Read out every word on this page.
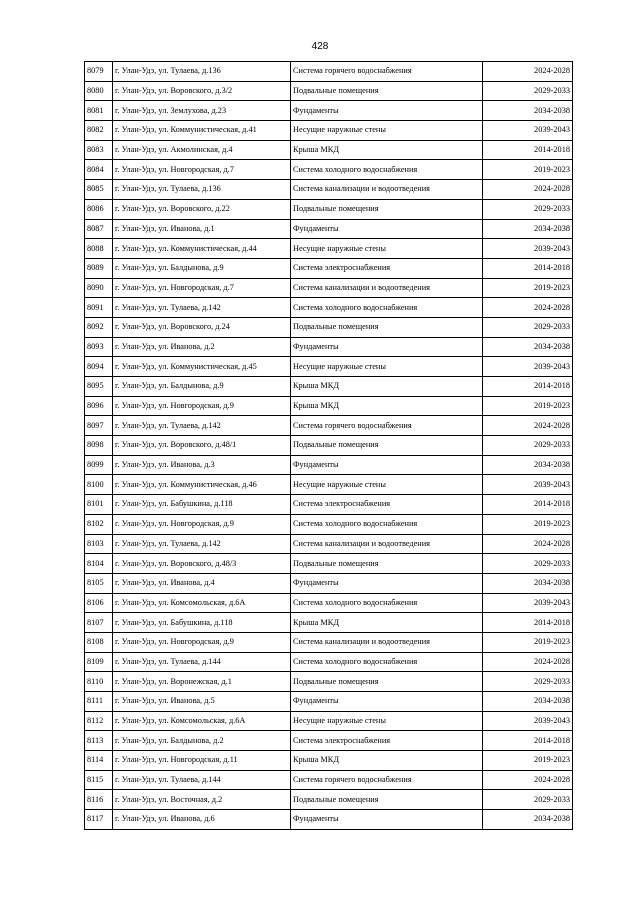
428
8079	г. Улан-Удэ, ул. Тулаева, д.136	Система горячего водоснабжения	2024-2028
8080	г. Улан-Удэ, ул. Воровского, д.3/2	Подвальные помещения	2029-2033
8081	г. Улан-Удэ, ул. Землухова, д.23	Фундаменты	2034-2038
8082	г. Улан-Удэ, ул. Коммунистическая, д.41	Несущие наружные стены	2039-2043
8083	г. Улан-Удэ, ул. Акмолинская, д.4	Крыша МКД	2014-2018
8084	г. Улан-Удэ, ул. Новгородская, д.7	Система холодного водоснабжения	2019-2023
8085	г. Улан-Удэ, ул. Тулаева, д.136	Система канализации и водоотведения	2024-2028
8086	г. Улан-Удэ, ул. Воровского, д.22	Подвальные помещения	2029-2033
8087	г. Улан-Удэ, ул. Иванова, д.1	Фундаменты	2034-2038
8088	г. Улан-Удэ, ул. Коммунистическая, д.44	Несущие наружные стены	2039-2043
8089	г. Улан-Удэ, ул. Балдынова, д.9	Система электроснабжения	2014-2018
8090	г. Улан-Удэ, ул. Новгородская, д.7	Система канализации и водоотведения	2019-2023
8091	г. Улан-Удэ, ул. Тулаева, д.142	Система холодного водоснабжения	2024-2028
8092	г. Улан-Удэ, ул. Воровского, д.24	Подвальные помещения	2029-2033
8093	г. Улан-Удэ, ул. Иванова, д.2	Фундаменты	2034-2038
8094	г. Улан-Удэ, ул. Коммунистическая, д.45	Несущие наружные стены	2039-2043
8095	г. Улан-Удэ, ул. Балдынова, д.9	Крыша МКД	2014-2018
8096	г. Улан-Удэ, ул. Новгородская, д.9	Крыша МКД	2019-2023
8097	г. Улан-Удэ, ул. Тулаева, д.142	Система горячего водоснабжения	2024-2028
8098	г. Улан-Удэ, ул. Воровского, д.48/1	Подвальные помещения	2029-2033
8099	г. Улан-Удэ, ул. Иванова, д.3	Фундаменты	2034-2038
8100	г. Улан-Удэ, ул. Коммунистическая, д.46	Несущие наружные стены	2039-2043
8101	г. Улан-Удэ, ул. Бабушкина, д.118	Система электроснабжения	2014-2018
8102	г. Улан-Удэ, ул. Новгородская, д.9	Система холодного водоснабжения	2019-2023
8103	г. Улан-Удэ, ул. Тулаева, д.142	Система канализации и водоотведения	2024-2028
8104	г. Улан-Удэ, ул. Воровского, д.48/3	Подвальные помещения	2029-2033
8105	г. Улан-Удэ, ул. Иванова, д.4	Фундаменты	2034-2038
8106	г. Улан-Удэ, ул. Комсомольская, д.6А	Система холодного водоснабжения	2039-2043
8107	г. Улан-Удэ, ул. Бабушкина, д.118	Крыша МКД	2014-2018
8108	г. Улан-Удэ, ул. Новгородская, д.9	Система канализации и водоотведения	2019-2023
8109	г. Улан-Удэ, ул. Тулаева, д.144	Система холодного водоснабжения	2024-2028
8110	г. Улан-Удэ, ул. Воронежская, д.1	Подвальные помещения	2029-2033
8111	г. Улан-Удэ, ул. Иванова, д.5	Фундаменты	2034-2038
8112	г. Улан-Удэ, ул. Комсомольская, д.6А	Несущие наружные стены	2039-2043
8113	г. Улан-Удэ, ул. Балдынова, д.2	Система электроснабжения	2014-2018
8114	г. Улан-Удэ, ул. Новгородская, д.11	Крыша МКД	2019-2023
8115	г. Улан-Удэ, ул. Тулаева, д.144	Система горячего водоснабжения	2024-2028
8116	г. Улан-Удэ, ул. Восточная, д.2	Подвальные помещения	2029-2033
8117	г. Улан-Удэ, ул. Иванова, д.6	Фундаменты	2034-2038
